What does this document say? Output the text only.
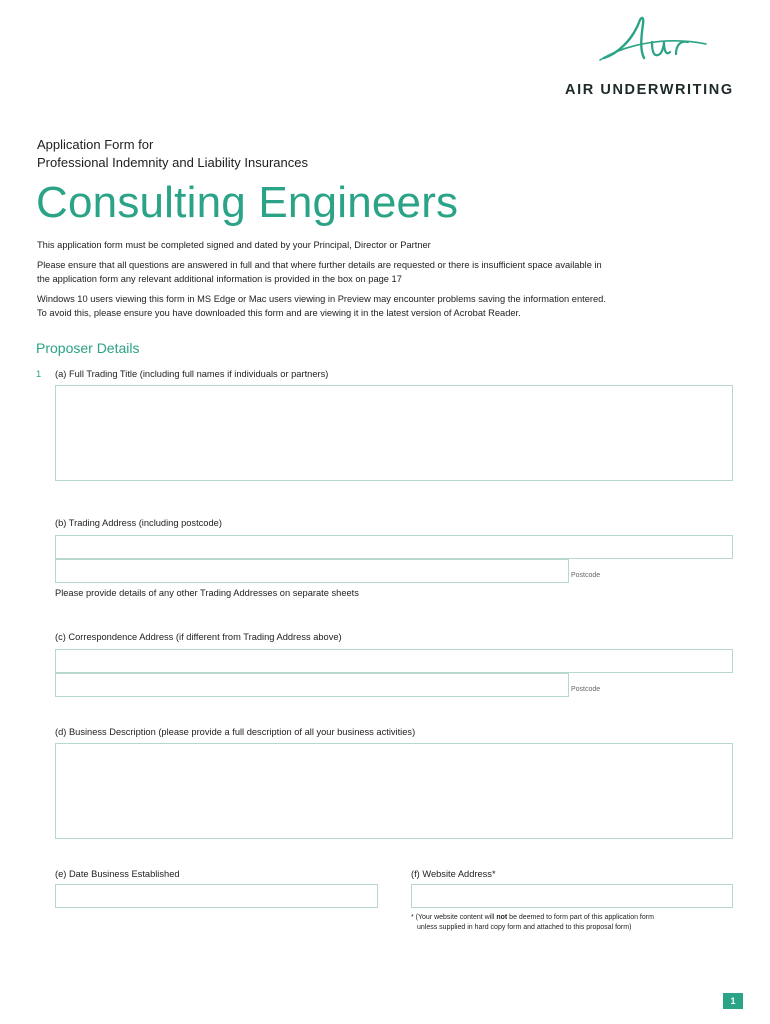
AIR UNDERWRITING
Application Form for
Professional Indemnity and Liability Insurances
Consulting Engineers
This application form must be completed signed and dated by your Principal, Director or Partner
Please ensure that all questions are answered in full and that where further details are requested or there is insufficient space available in
the application form any relevant additional information is provided in the box on page 17
Windows 10 users viewing this form in MS Edge or Mac users viewing in Preview may encounter problems saving the information entered.
To avoid this, please ensure you have downloaded this form and are viewing it in the latest version of Acrobat Reader.
Proposer Details
1 (a) Full Trading Title (including full names if individuals or partners)
(b) Trading Address (including postcode)
Postcode
Please provide details of any other Trading Addresses on separate sheets
(c) Correspondence Address (if different from Trading Address above)
Postcode
(d) Business Description (please provide a full description of all your business activities)
(e) Date Business Established	(f) Website Address*
* (Your website content will not be deemed to form part of this application form
unless supplied in hard copy form and attached to this proposal form)
1
